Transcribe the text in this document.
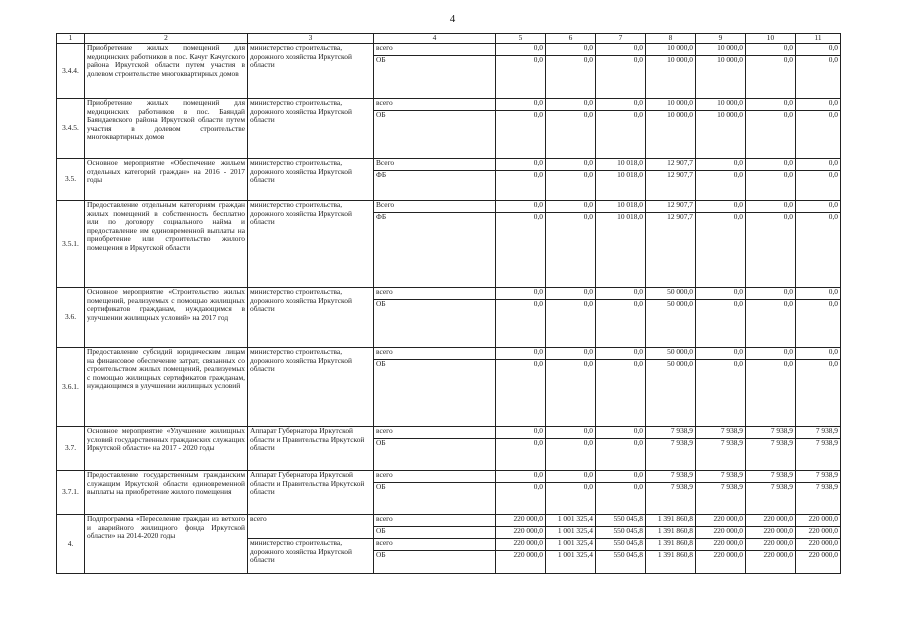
4
1	2	3	4	5	6	7	8	9	10	11
3.4.4.	Приобретение жилых помещений для медицинских работников в пос. Качуг Качугского района Иркутской области путем участия в долевом строительстве многоквартирных домов	министерство строительства, дорожного хозяйства Иркутской области	всего	0,0	0,0	0,0	10 000,0	10 000,0	0,0	0,0
			ОБ	0,0	0,0	0,0	10 000,0	10 000,0	0,0	0,0
3.4.5.	Приобретение жилых помещений для медицинских работников в пос. Баяндай Баяндаевского района Иркутской области путем участия в долевом строительстве многоквартирных домов	министерство строительства, дорожного хозяйства Иркутской области	всего	0,0	0,0	0,0	10 000,0	10 000,0	0,0	0,0
			ОБ	0,0	0,0	0,0	10 000,0	10 000,0	0,0	0,0
3.5.	Основное мероприятие «Обеспечение жильем отдельных категорий граждан» на 2016 - 2017 годы	министерство строительства, дорожного хозяйства Иркутской области	Всего	0,0	0,0	10 018,0	12 907,7	0,0	0,0	0,0
			ФБ	0,0	0,0	10 018,0	12 907,7	0,0	0,0	0,0
3.5.1.	Предоставление отдельным категориям граждан жилых помещений в собственность бесплатно или по договору социального найма и предоставление им единовременной выплаты на приобретение или строительство жилого помещения в Иркутской области	министерство строительства, дорожного хозяйства Иркутской области	Всего	0,0	0,0	10 018,0	12 907,7	0,0	0,0	0,0
			ФБ	0,0	0,0	10 018,0	12 907,7	0,0	0,0	0,0
3.6.	Основное мероприятие «Строительство жилых помещений, реализуемых с помощью жилищных сертификатов гражданам, нуждающимся в улучшении жилищных условий» на 2017 год	министерство строительства, дорожного хозяйства Иркутской области	всего	0,0	0,0	0,0	50 000,0	0,0	0,0	0,0
			ОБ	0,0	0,0	0,0	50 000,0	0,0	0,0	0,0
3.6.1.	Предоставление субсидий юридическим лицам на финансовое обеспечение затрат, связанных со строительством жилых помещений, реализуемых с помощью жилищных сертификатов гражданам, нуждающимся в улучшении жилищных условий	министерство строительства, дорожного хозяйства Иркутской области	всего	0,0	0,0	0,0	50 000,0	0,0	0,0	0,0
			ОБ	0,0	0,0	0,0	50 000,0	0,0	0,0	0,0
3.7.	Основное мероприятие «Улучшение жилищных условий государственных гражданских служащих Иркутской области» на 2017 - 2020 годы	Аппарат Губернатора Иркутской области и Правительства Иркутской области	всего	0,0	0,0	0,0	7 938,9	7 938,9	7 938,9	7 938,9
			ОБ	0,0	0,0	0,0	7 938,9	7 938,9	7 938,9	7 938,9
3.7.1.	Предоставление государственным гражданским служащим Иркутской области единовременной выплаты на приобретение жилого помещения	Аппарат Губернатора Иркутской области и Правительства Иркутской области	всего	0,0	0,0	0,0	7 938,9	7 938,9	7 938,9	7 938,9
			ОБ	0,0	0,0	0,0	7 938,9	7 938,9	7 938,9	7 938,9
4.	Подпрограмма «Переселение граждан из ветхого и аварийного жилищного фонда Иркутской области» на 2014-2020 годы	всего	всего	220 000,0	1 001 325,4	550 045,8	1 391 860,8	220 000,0	220 000,0	220 000,0
			ОБ	220 000,0	1 001 325,4	550 045,8	1 391 860,8	220 000,0	220 000,0	220 000,0
		министерство строительства, дорожного хозяйства Иркутской области	всего	220 000,0	1 001 325,4	550 045,8	1 391 860,8	220 000,0	220 000,0	220 000,0
			ОБ	220 000,0	1 001 325,4	550 045,8	1 391 860,8	220 000,0	220 000,0	220 000,0
